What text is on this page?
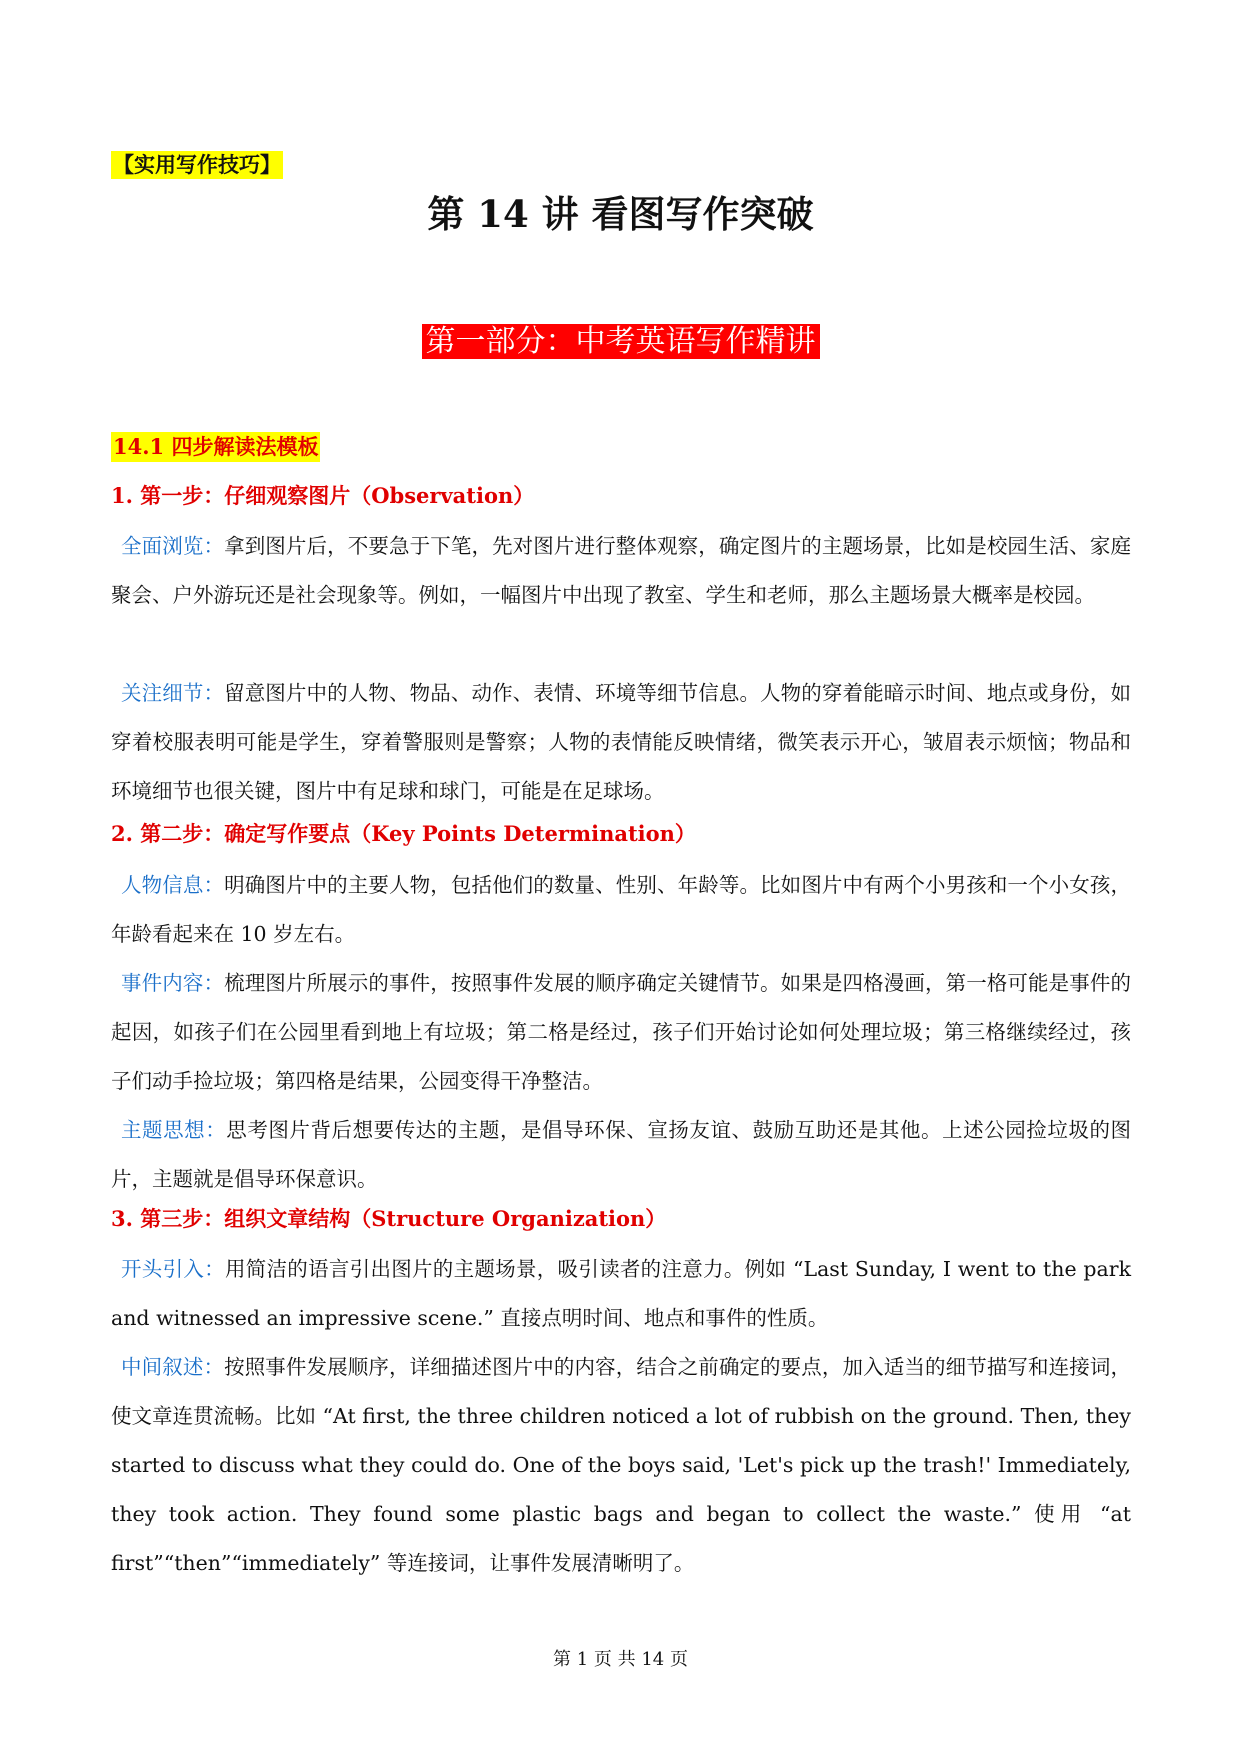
【实用写作技巧】
第 14 讲 看图写作突破
第一部分：中考英语写作精讲
14.1 四步解读法模板
1. 第一步：仔细观察图片（Observation）
全面浏览：拿到图片后，不要急于下笔，先对图片进行整体观察，确定图片的主题场景，比如是校园生活、家庭聚会、户外游玩还是社会现象等。例如，一幅图片中出现了教室、学生和老师，那么主题场景大概率是校园。
关注细节：留意图片中的人物、物品、动作、表情、环境等细节信息。人物的穿着能暗示时间、地点或身份，如穿着校服表明可能是学生，穿着警服则是警察；人物的表情能反映情绪，微笑表示开心，皱眉表示烦恼；物品和环境细节也很关键，图片中有足球和球门，可能是在足球场。
2. 第二步：确定写作要点（Key Points Determination）
人物信息：明确图片中的主要人物，包括他们的数量、性别、年龄等。比如图片中有两个小男孩和一个小女孩，年龄看起来在 10 岁左右。
事件内容：梳理图片所展示的事件，按照事件发展的顺序确定关键情节。如果是四格漫画，第一格可能是事件的起因，如孩子们在公园里看到地上有垃圾；第二格是经过，孩子们开始讨论如何处理垃圾；第三格继续经过，孩子们动手捡垃圾；第四格是结果，公园变得干净整洁。
主题思想：思考图片背后想要传达的主题，是倡导环保、宣扬友谊、鼓励互助还是其他。上述公园捡垃圾的图片，主题就是倡导环保意识。
3. 第三步：组织文章结构（Structure Organization）
开头引入：用简洁的语言引出图片的主题场景，吸引读者的注意力。例如 “Last Sunday, I went to the park and witnessed an impressive scene.” 直接点明时间、地点和事件的性质。
中间叙述：按照事件发展顺序，详细描述图片中的内容，结合之前确定的要点，加入适当的细节描写和连接词，使文章连贯流畅。比如 “At first, the three children noticed a lot of rubbish on the ground. Then, they started to discuss what they could do. One of the boys said, 'Let's pick up the trash!' Immediately, they took action. They found some plastic bags and began to collect the waste.” 使用 “at first”“then”“immediately” 等连接词，让事件发展清晰明了。
第 1 页 共 14 页
